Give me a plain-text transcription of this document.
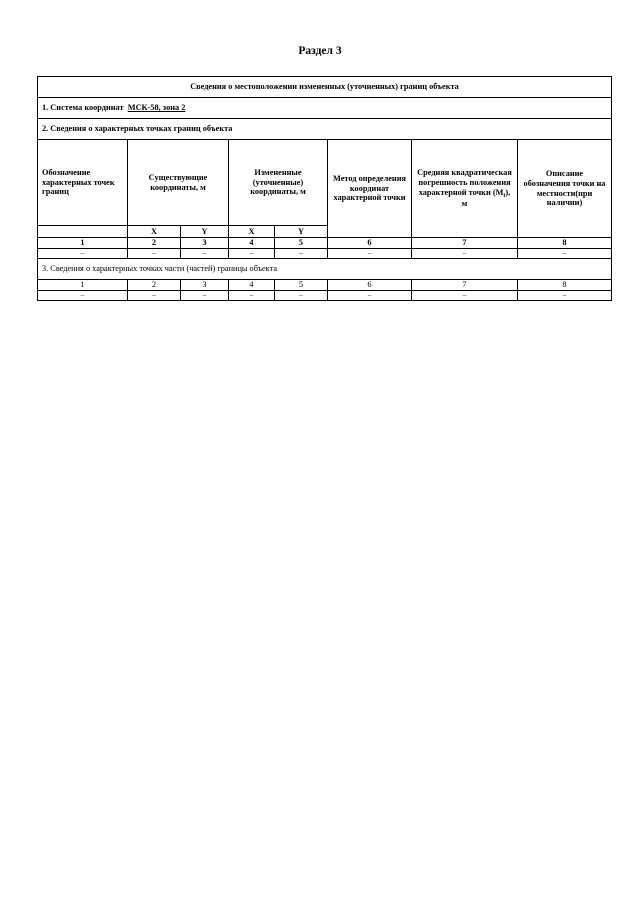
Раздел 3
Сведения о местоположении измененных (уточненных) границ объекта							
1. Система координат МСК-58, зона 2							
2. Сведения о характерных точках границ объекта							
Обозначение характерных точек границ	Существующие координаты, м		Измененные (уточненные) координаты, м		Метод определения координат характерной точки	Средняя квадратическая погрешность положения характерной точки $(M_t)$, м	Описание обозначения точки на местности(при наличии)
	X	Y	X	Y			
1	2	3	4	5	6	7	8
–	–	–	–	–	–	–	–
3. Сведения о характерных точках части (частей) границы объекта							
1	2	3	4	5	6	7	8
–	–	–	–	–	–	–	–
